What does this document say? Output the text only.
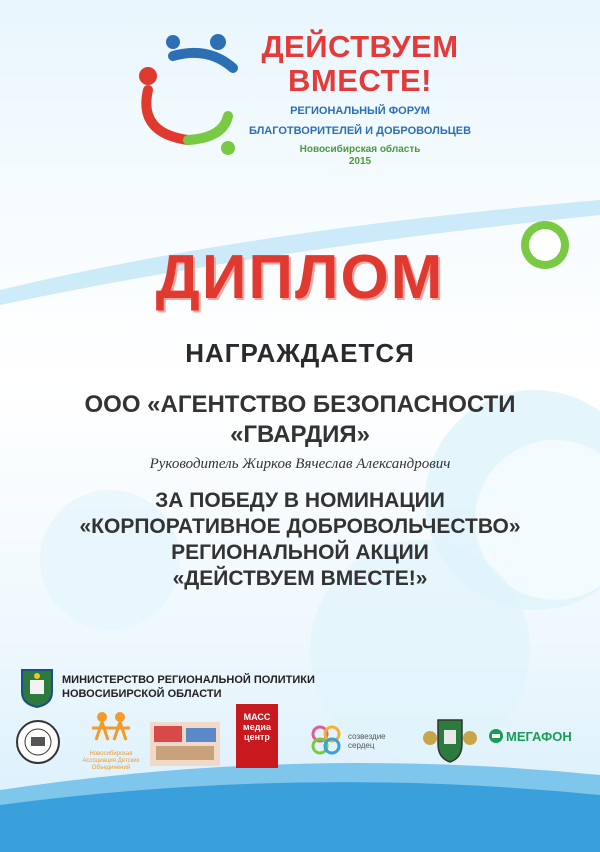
ДЕЙСТВУЕМ
ВМЕСТЕ!
РЕГИОНАЛЬНЫЙ ФОРУМ
БЛАГОТВОРИТЕЛЕЙ И ДОБРОВОЛЬЦЕВ
Новосибирская область
2015
ДИПЛОМ
НАГРАЖДАЕТСЯ
ООО «АГЕНТСТВО БЕЗОПАСНОСТИ
«ГВАРДИЯ»
Руководитель Жирков Вячеслав Александрович
ЗА ПОБЕДУ В НОМИНАЦИИ
«КОРПОРАТИВНОЕ ДОБРОВОЛЬЧЕСТВО»
РЕГИОНАЛЬНОЙ АКЦИИ
«ДЕЙСТВУЕМ ВМЕСТЕ!»
МИНИСТЕРСТВО РЕГИОНАЛЬНОЙ ПОЛИТИКИ
НОВОСИБИРСКОЙ ОБЛАСТИ
Новосибирская Ассоциация Детских Объединений
МАСС медиа центр	созвездие сердец
МЕГАФОН
